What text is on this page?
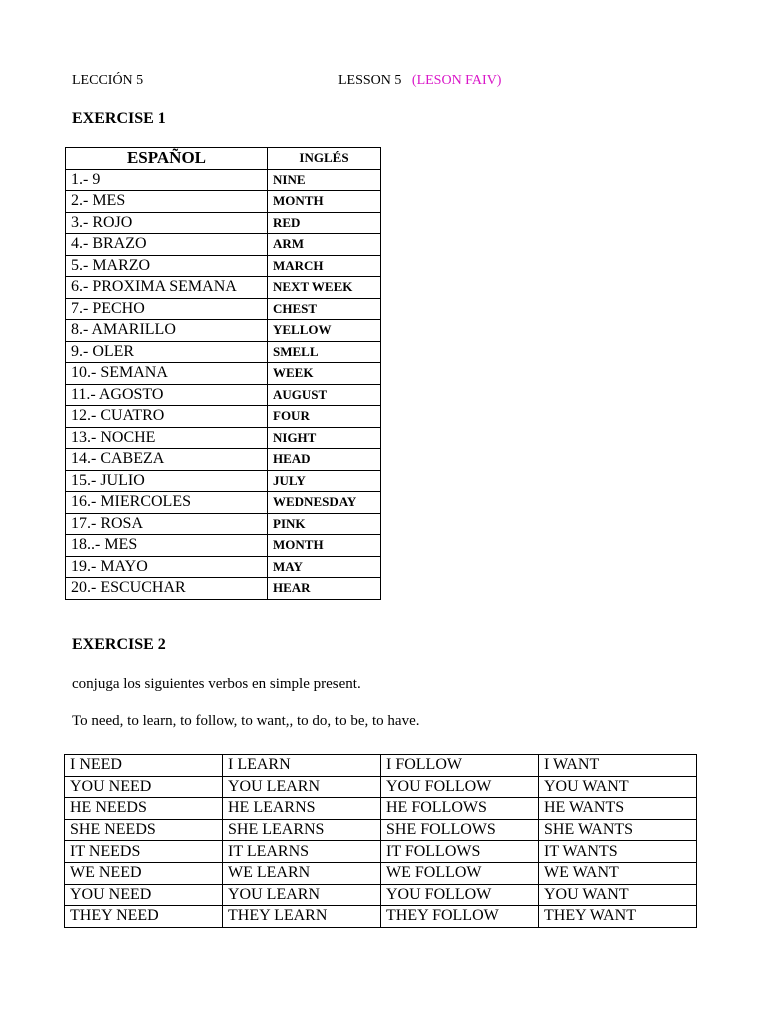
LECCIÓN 5	LESSON 5 (LESON FAIV)
EXERCISE 1
ESPAÑOL	INGLÉS
1.- 9	NINE
2.- MES	MONTH
3.- ROJO	RED
4.- BRAZO	ARM
5.- MARZO	MARCH
6.- PROXIMA SEMANA	NEXT WEEK
7.- PECHO	CHEST
8.- AMARILLO	YELLOW
9.- OLER	SMELL
10.- SEMANA	WEEK
11.- AGOSTO	AUGUST
12.- CUATRO	FOUR
13.- NOCHE	NIGHT
14.- CABEZA	HEAD
15.- JULIO	JULY
16.- MIERCOLES	WEDNESDAY
17.- ROSA	PINK
18..- MES	MONTH
19.- MAYO	MAY
20.- ESCUCHAR	HEAR
EXERCISE 2
conjuga los siguientes verbos en simple present.
To need, to learn, to follow, to want,, to do, to be, to have.
I NEED	I LEARN	I FOLLOW	I WANT
YOU NEED	YOU LEARN	YOU FOLLOW	YOU WANT
HE NEEDS	HE LEARNS	HE FOLLOWS	HE WANTS
SHE NEEDS	SHE LEARNS	SHE FOLLOWS	SHE WANTS
IT NEEDS	IT LEARNS	IT FOLLOWS	IT WANTS
WE NEED	WE LEARN	WE FOLLOW	WE WANT
YOU NEED	YOU LEARN	YOU FOLLOW	YOU WANT
THEY NEED	THEY LEARN	THEY FOLLOW	THEY WANT
